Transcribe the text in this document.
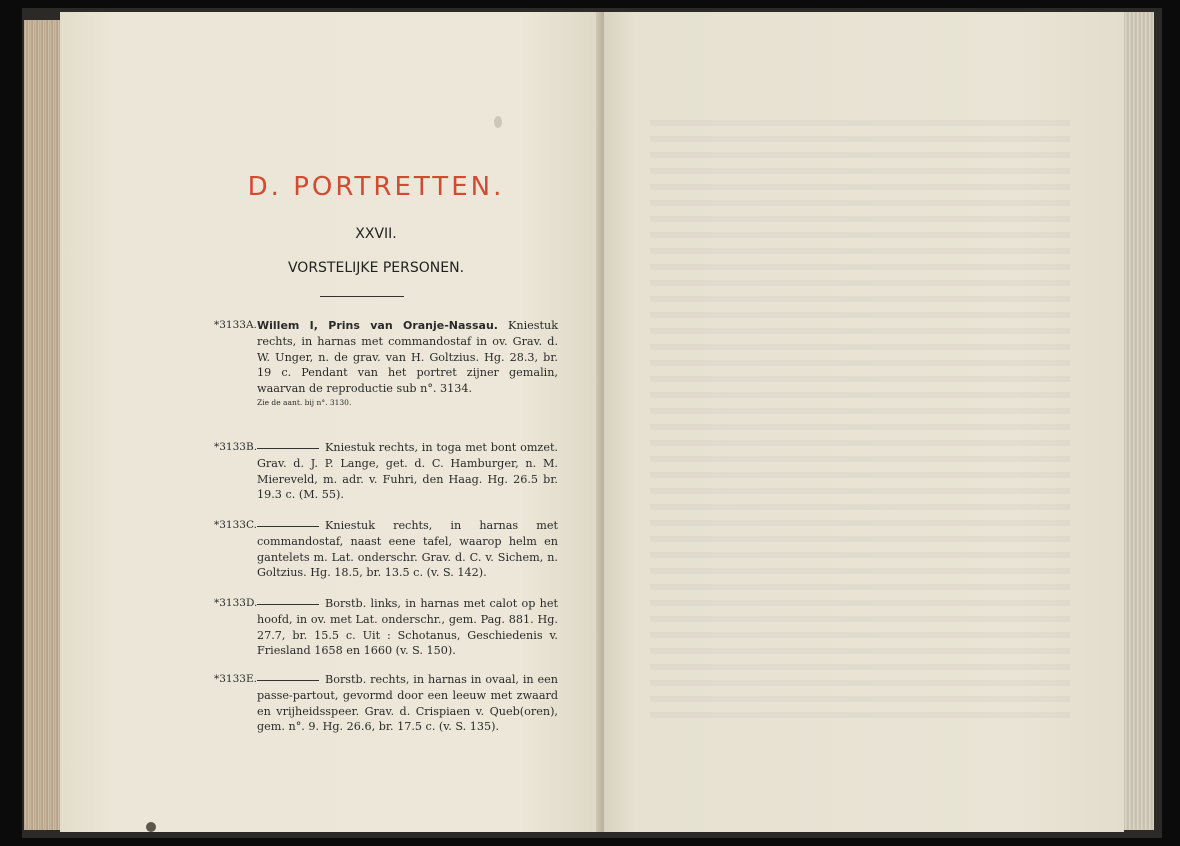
D. PORTRETTEN.
XXVII.
VORSTELIJKE PERSONEN.
*3133A. Willem I, Prins van Oranje-Nassau. Kniestuk rechts, in harnas met commandostaf in ov. Grav. d. W. Unger, n. de grav. van H. Goltzius. Hg. 28.3, br. 19 c. Pendant van het portret zijner gemalin, waarvan de reproductie sub n°. 3134.
Zie de aant. bij n°. 3130.
*3133B.	Kniestuk rechts, in toga met bont omzet. Grav. d. J. P. Lange, get. d. C. Hamburger, n. M. Miereveld, m. adr. v. Fuhri, den Haag. Hg. 26.5 br. 19.3 c. (M. 55).
*3133C.	Kniestuk rechts, in harnas met commandostaf, naast eene tafel, waarop helm en gantelets m. Lat. onderschr. Grav. d. C. v. Sichem, n. Goltzius. Hg. 18.5, br. 13.5 c. (v. S. 142).
*3133D.	Borstb. links, in harnas met calot op het hoofd, in ov. met Lat. onderschr., gem. Pag. 881. Hg. 27.7, br. 15.5 c. Uit : Schotanus, Geschiedenis v. Friesland 1658 en 1660 (v. S. 150).
*3133E.	Borstb. rechts, in harnas in ovaal, in een passe-partout, gevormd door een leeuw met zwaard en vrijheidsspeer. Grav. d. Crispiaen v. Queb(oren), gem. n°. 9. Hg. 26.6, br. 17.5 c. (v. S. 135).
